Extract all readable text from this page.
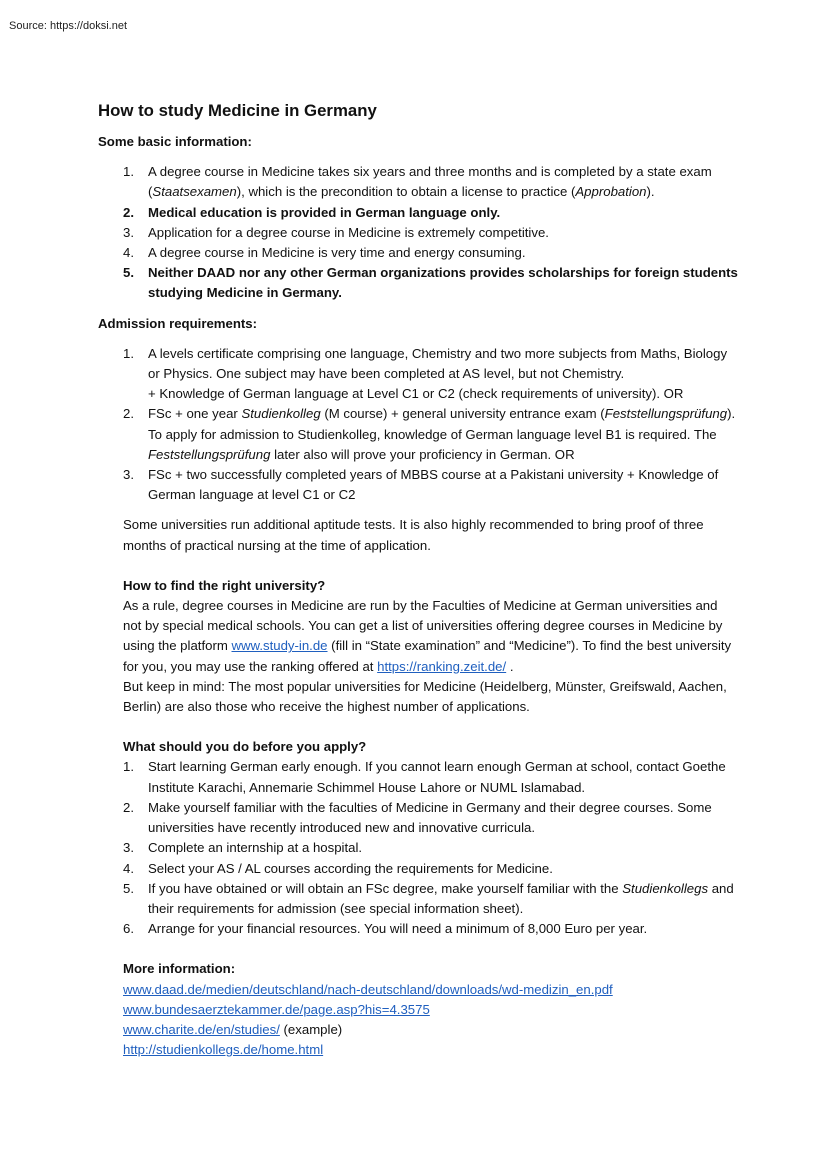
Source: https://doksi.net
How to study Medicine in Germany
Some basic information:
1. A degree course in Medicine takes six years and three months and is completed by a state exam (Staatsexamen), which is the precondition to obtain a license to practice (Approbation).
2. Medical education is provided in German language only.
3. Application for a degree course in Medicine is extremely competitive.
4. A degree course in Medicine is very time and energy consuming.
5. Neither DAAD nor any other German organizations provides scholarships for foreign students studying Medicine in Germany.
Admission requirements:
1. A levels certificate comprising one language, Chemistry and two more subjects from Maths, Biology or Physics. One subject may have been completed at AS level, but not Chemistry.
+ Knowledge of German language at Level C1 or C2 (check requirements of university). OR
2. FSc + one year Studienkolleg (M course) + general university entrance exam (Feststellungsprüfung). To apply for admission to Studienkolleg, knowledge of German language level B1 is required. The Feststellungsprüfung later also will prove your proficiency in German. OR
3. FSc + two successfully completed years of MBBS course at a Pakistani university + Knowledge of German language at level C1 or C2

Some universities run additional aptitude tests. It is also highly recommended to bring proof of three months of practical nursing at the time of application.

How to find the right university?

As a rule, degree courses in Medicine are run by the Faculties of Medicine at German universities and not by special medical schools. You can get a list of universities offering degree courses in Medicine by using the platform www.study-in.de (fill in “State examination” and “Medicine”). To find the best university for you, you may use the ranking offered at https://ranking.zeit.de/ .
But keep in mind: The most popular universities for Medicine (Heidelberg, Münster, Greifswald, Aachen, Berlin) are also those who receive the highest number of applications.

What should you do before you apply?
1. Start learning German early enough. If you cannot learn enough German at school, contact Goethe Institute Karachi, Annemarie Schimmel House Lahore or NUML Islamabad.
2. Make yourself familiar with the faculties of Medicine in Germany and their degree courses. Some universities have recently introduced new and innovative curricula.
3. Complete an internship at a hospital.
4. Select your AS / AL courses according the requirements for Medicine.
5. If you have obtained or will obtain an FSc degree, make yourself familiar with the Studienkollegs and their requirements for admission (see special information sheet).
6. Arrange for your financial resources. You will need a minimum of 8,000 Euro per year.
More information:
www.daad.de/medien/deutschland/nach-deutschland/downloads/wd-medizin_en.pdf
www.bundesaerztekammer.de/page.asp?his=4.3575
www.charite.de/en/studies/ (example)
http://studienkollegs.de/home.html
